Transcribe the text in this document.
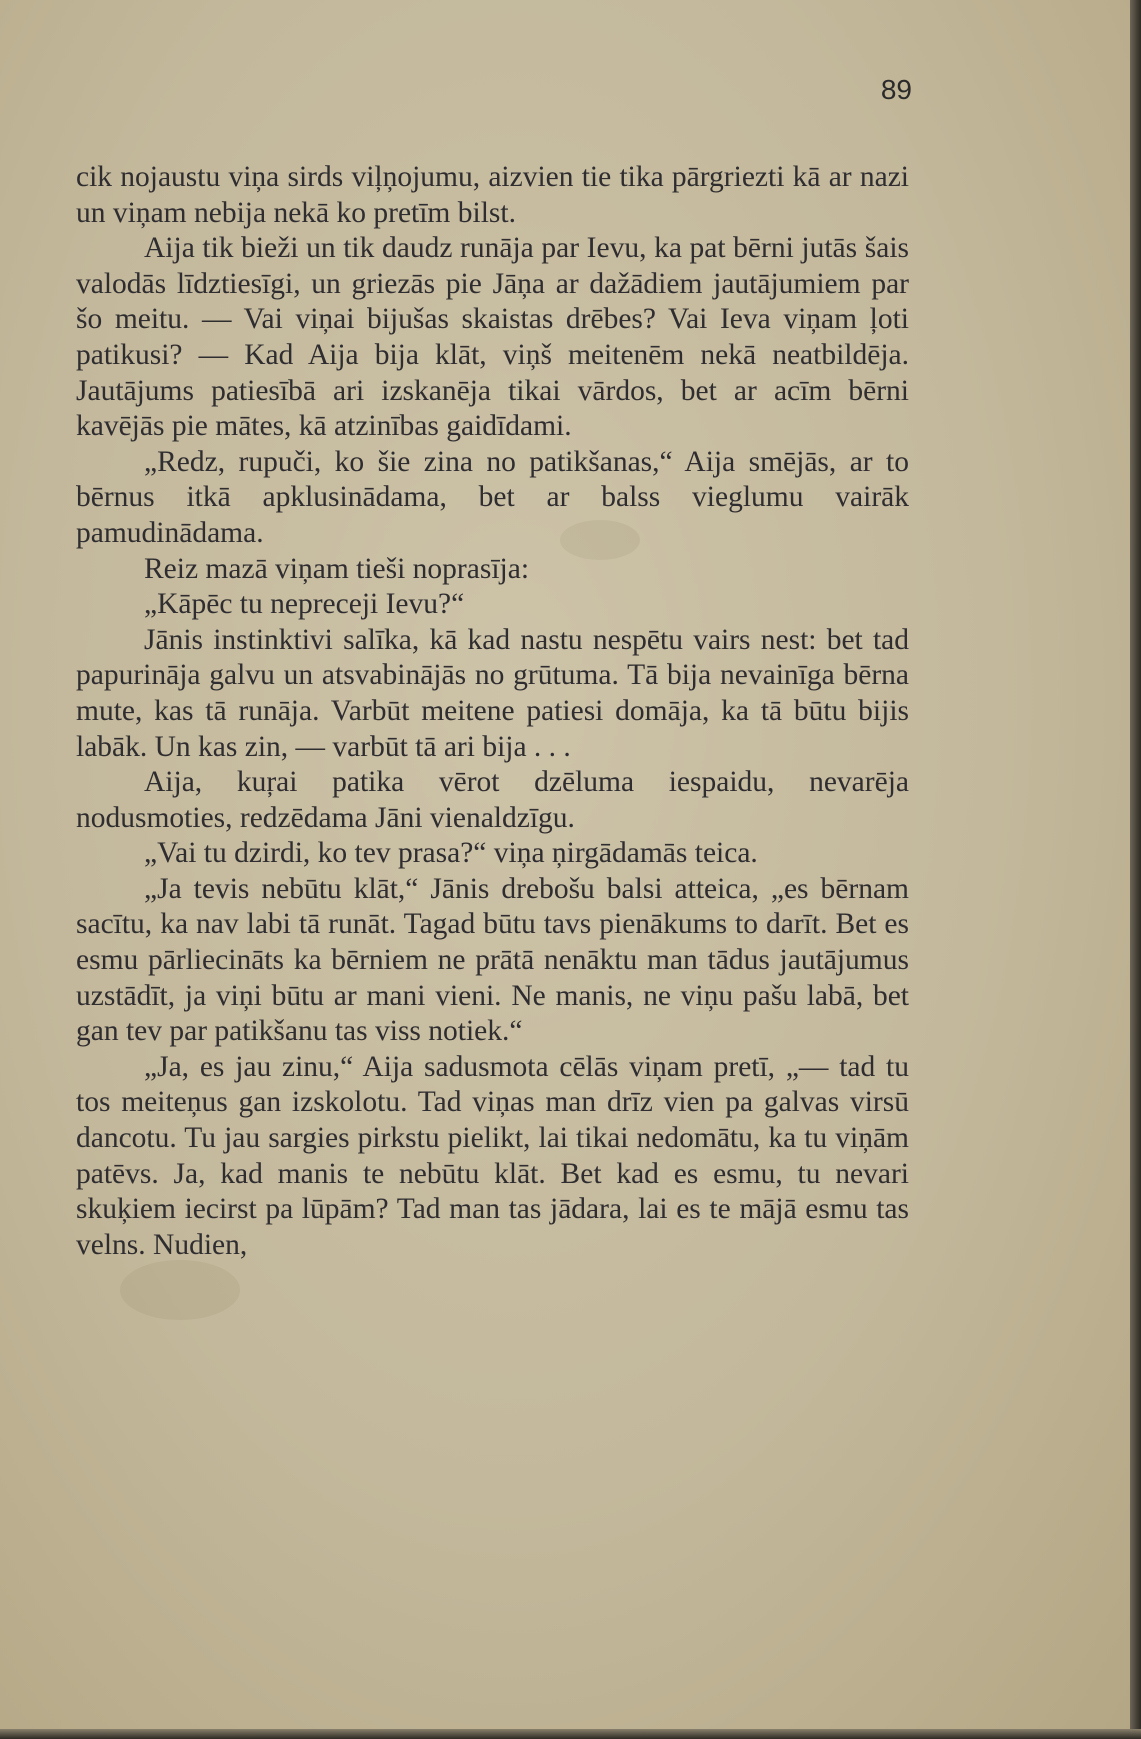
89

cik nojaustu viņa sirds viļņojumu, aizvien tie tika pārgriezti kā ar nazi un viņam nebija nekā ko pretīm bilst.

Aija tik bieži un tik daudz runāja par Ievu, ka pat bērni jutās šais valodās līdztiesīgi, un griezās pie Jāņa ar dažādiem jautājumiem par šo meitu. — Vai viņai bijušas skaistas drēbes? Vai Ieva viņam ļoti patikusi? — Kad Aija bija klāt, viņš meitenēm nekā neatbildēja. Jautājums patiesībā ari izskanēja tikai vārdos, bet ar acīm bērni kavējās pie mātes, kā atzinības gaidīdami.

„Redz, rupuči, ko šie zina no patikšanas,“ Aija smējās, ar to bērnus itkā apklusinādama, bet ar balss vieglumu vairāk pamudinādama.

Reiz mazā viņam tieši noprasīja:

„Kāpēc tu nepreceji Ievu?“

Jānis instinktivi salīka, kā kad nastu nespētu vairs nest: bet tad papurināja galvu un atsvabinājās no grūtuma. Tā bija nevainīga bērna mute, kas tā runāja. Varbūt meitene patiesi domāja, ka tā būtu bijis labāk. Un kas zin, — varbūt tā ari bija . . .

Aija, kuŗai patika vērot dzēluma iespaidu, nevarēja nodusmoties, redzēdama Jāni vienaldzīgu.

„Vai tu dzirdi, ko tev prasa?“ viņa ņirgādamās teica.

„Ja tevis nebūtu klāt,“ Jānis drebošu balsi atteica, „es bērnam sacītu, ka nav labi tā runāt. Tagad būtu tavs pienākums to darīt. Bet es esmu pārliecināts ka bērniem ne prātā nenāktu man tādus jautājumus uzstādīt, ja viņi būtu ar mani vieni. Ne manis, ne viņu pašu labā, bet gan tev par patikšanu tas viss notiek.“

„Ja, es jau zinu,“ Aija sadusmota cēlās viņam pretī, „— tad tu tos meiteņus gan izskolotu. Tad viņas man drīz vien pa galvas virsū dancotu. Tu jau sargies pirkstu pielikt, lai tikai nedomātu, ka tu viņām patēvs. Ja, kad manis te nebūtu klāt. Bet kad es esmu, tu nevari skuķiem iecirst pa lūpām? Tad man tas jādara, lai es te mājā esmu tas velns. Nudien,
